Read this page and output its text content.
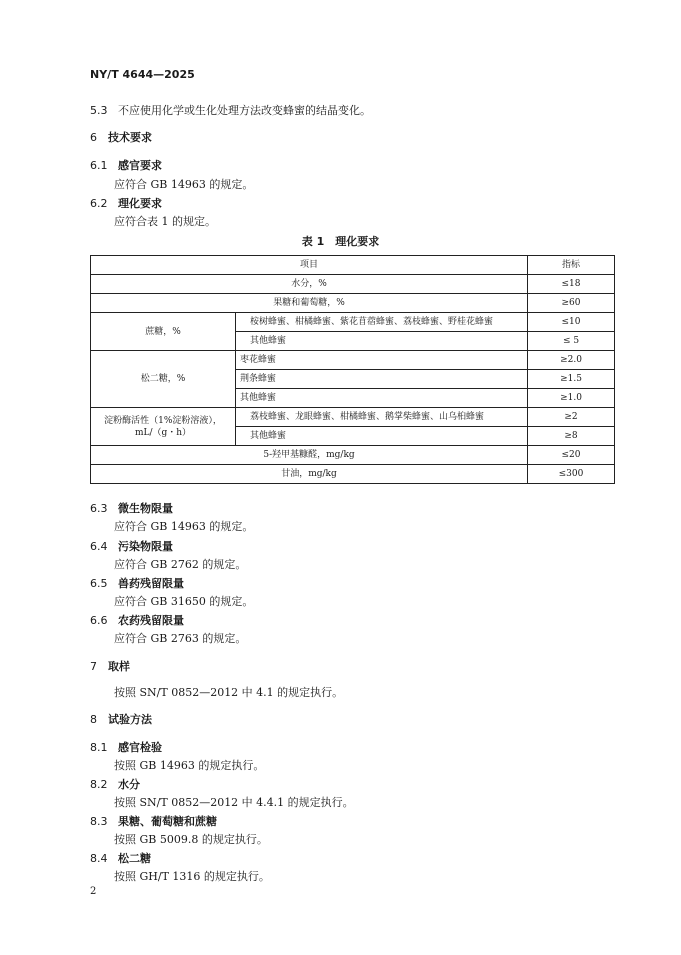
NY/T 4644—2025
5.3 不应使用化学或生化处理方法改变蜂蜜的结晶变化。
6 技术要求
6.1 感官要求
应符合 GB 14963 的规定。
6.2 理化要求
应符合表 1 的规定。
表 1　理化要求
项目		指标
水分，%		≤18
果糖和葡萄糖，%		≥60
蔗糖，%	桉树蜂蜜、柑橘蜂蜜、紫花苜蓿蜂蜜、荔枝蜂蜜、野桂花蜂蜜	≤10
	其他蜂蜜	≤ 5
松二糖，%	枣花蜂蜜	≥2.0
	荆条蜂蜜	≥1.5
	其他蜂蜜	≥1.0

淀粉酶活性（1%淀粉溶液），
mL/（g・h）	荔枝蜂蜜、龙眼蜂蜜、柑橘蜂蜜、鹅掌柴蜂蜜、山乌桕蜂蜜	≥2
	其他蜂蜜	≥8
5-羟甲基糠醛，mg/kg		≤20
甘油，mg/kg		≤300
6.3 微生物限量
应符合 GB 14963 的规定。
6.4 污染物限量
应符合 GB 2762 的规定。
6.5 兽药残留限量
应符合 GB 31650 的规定。
6.6 农药残留限量
应符合 GB 2763 的规定。
7 取样
按照 SN/T 0852—2012 中 4.1 的规定执行。
8 试验方法
8.1 感官检验
按照 GB 14963 的规定执行。
8.2 水分
按照 SN/T 0852—2012 中 4.4.1 的规定执行。
8.3 果糖、葡萄糖和蔗糖
按照 GB 5009.8 的规定执行。
8.4 松二糖
按照 GH/T 1316 的规定执行。
2
